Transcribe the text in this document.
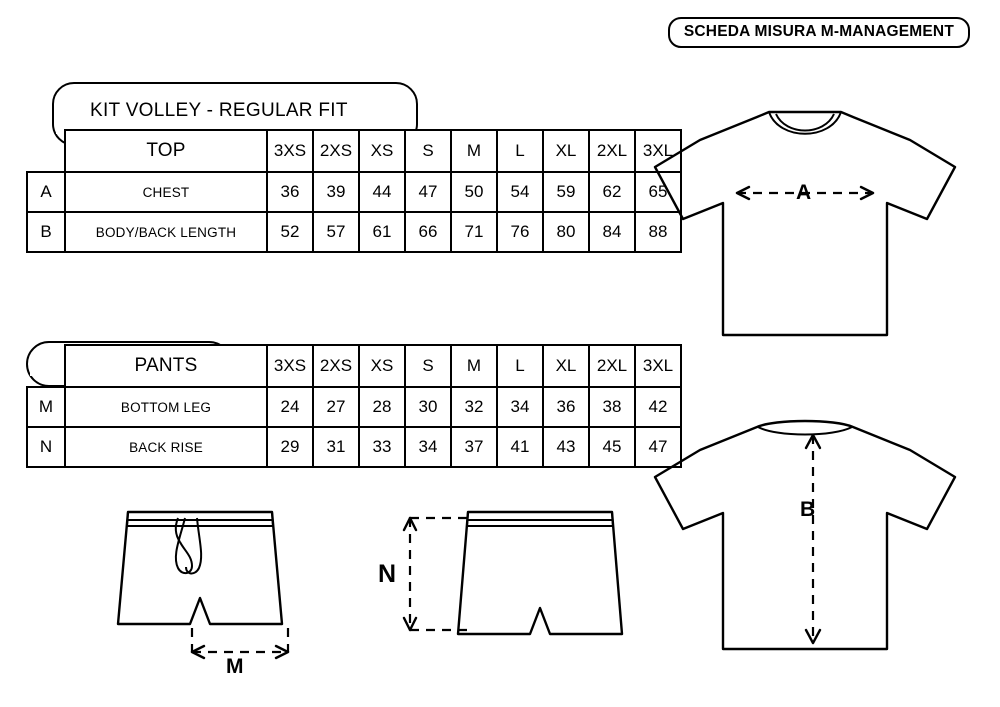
SCHEDA MISURA M-MANAGEMENT
KIT VOLLEY - REGULAR FIT
	TOP	3XS	2XS	XS	S	M	L	XL	2XL	3XL
A	CHEST	36	39	44	47	50	54	59	62	65
B	BODY/BACK LENGTH	52	57	61	66	71	76	80	84	88
	PANTS	3XS	2XS	XS	S	M	L	XL	2XL	3XL
M	BOTTOM LEG	24	27	28	30	32	34	36	38	42
N	BACK RISE	29	31	33	34	37	41	43	45	47
A
B
M
N
